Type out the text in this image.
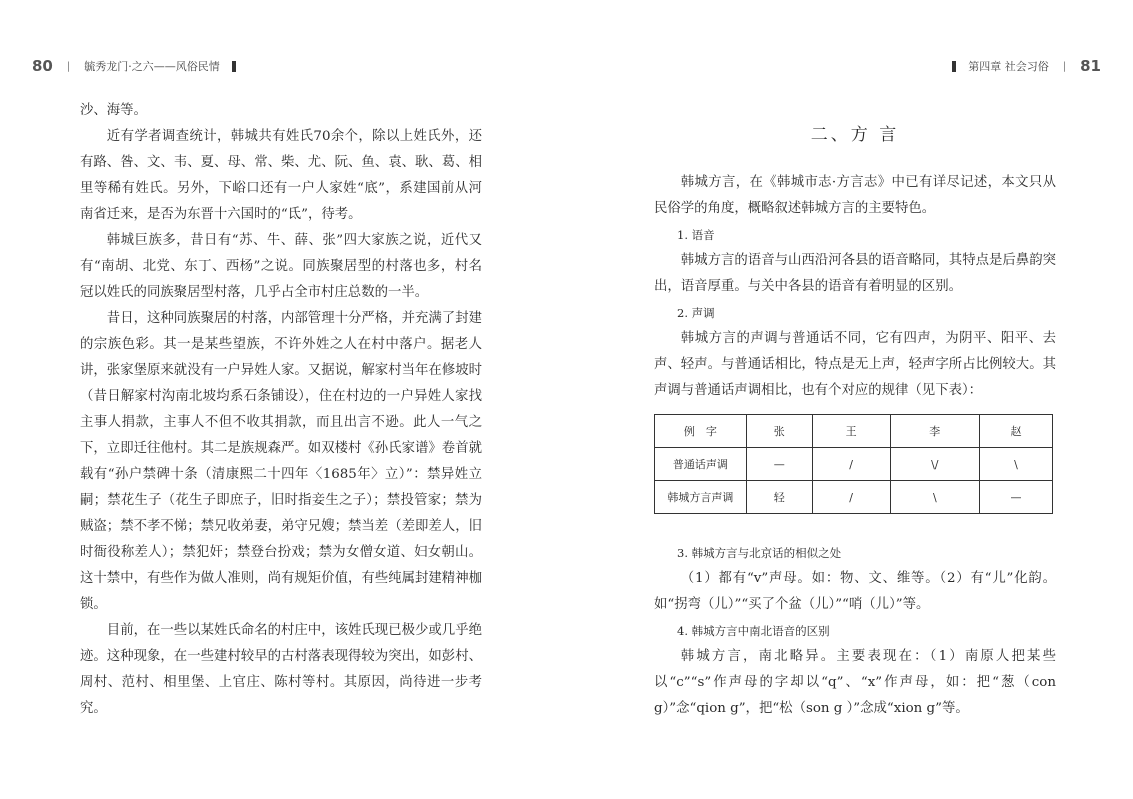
80 | 毓秀龙门·之六——风俗民情

沙、海等。

近有学者调查统计，韩城共有姓氏70余个，除以上姓氏外，还有路、昝、文、韦、夏、母、常、柴、尤、阮、鱼、袁、耿、葛、相里等稀有姓氏。另外，下峪口还有一户人家姓“底”，系建国前从河南省迁来，是否为东晋十六国时的“氐”，待考。

韩城巨族多，昔日有“苏、牛、薛、张”四大家族之说，近代又有“南胡、北党、东丁、西杨”之说。同族聚居型的村落也多，村名冠以姓氏的同族聚居型村落，几乎占全市村庄总数的一半。

昔日，这种同族聚居的村落，内部管理十分严格，并充满了封建的宗族色彩。其一是某些望族，不许外姓之人在村中落户。据老人讲，张家堡原来就没有一户异姓人家。又据说，解家村当年在修坡时（昔日解家村沟南北坡均系石条铺设），住在村边的一户异姓人家找主事人捐款，主事人不但不收其捐款，而且出言不逊。此人一气之下，立即迁往他村。其二是族规森严。如双楼村《孙氏家谱》卷首就载有“孙户禁碑十条（清康熙二十四年〈1685年〉立）”：禁异姓立嗣；禁花生子（花生子即庶子，旧时指妾生之子）；禁投管家；禁为贼盗；禁不孝不悌；禁兄收弟妻，弟守兄嫂；禁当差（差即差人，旧时衙役称差人）；禁犯奸；禁登台扮戏；禁为女僧女道、妇女朝山。这十禁中，有些作为做人准则，尚有规矩价值，有些纯属封建精神枷锁。

目前，在一些以某姓氏命名的村庄中，该姓氏现已极少或几乎绝迹。这种现象，在一些建村较早的古村落表现得较为突出，如彭村、周村、范村、相里堡、上官庄、陈村等村。其原因，尚待进一步考究。

第四章 社会习俗 | 81
二、方 言

韩城方言，在《韩城市志·方言志》中已有详尽记述，本文只从民俗学的角度，概略叙述韩城方言的主要特色。

1. 语音

韩城方言的语音与山西沿河各县的语音略同，其特点是后鼻韵突出，语音厚重。与关中各县的语音有着明显的区别。

2. 声调

韩城方言的声调与普通话不同，它有四声，为阴平、阳平、去声、轻声。与普通话相比，特点是无上声，轻声字所占比例较大。其声调与普通话声调相比，也有个对应的规律（见下表）：

例　字	张	王	李	赵
普通话声调	—	/	\/	\
韩城方言声调	轻	/	\	—

3. 韩城方言与北京话的相似之处

（1）都有“v”声母。如：物、文、维等。（2）有“儿”化韵。如“拐弯（儿）”“买了个盆（儿）”“哨（儿）”等。

4. 韩城方言中南北语音的区别

韩城方言，南北略异。主要表现在：（1）南原人把某些以“c”“s”作声母的字却以“q”、“x”作声母，如：把“葱（con g）”念“qion g”，把“松（son g ）”念成“xion g”等。
